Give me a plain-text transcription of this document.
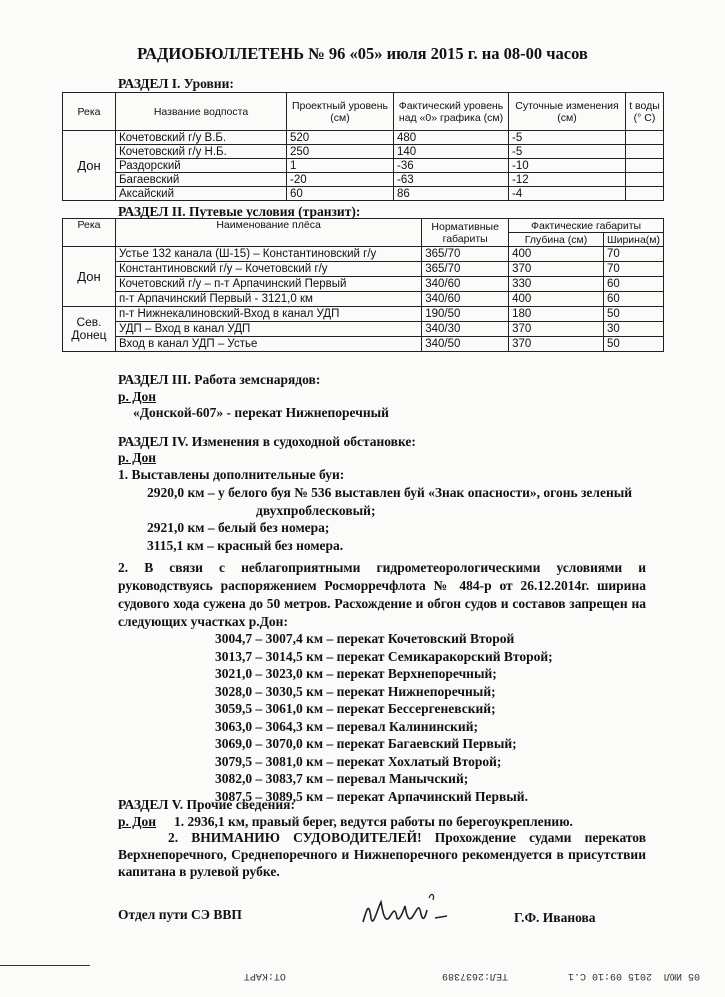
РАДИОБЮЛЛЕТЕНЬ № 96 «05» июля 2015 г. на 08-00 часов
РАЗДЕЛ I. Уровни:
Река	Название водпоста	Проектный уровень (см)	Фактический уровень над «0» графика (см)	Суточные изменения (см)	t воды (° С)
Дон	Кочетовский г/у В.Б.	520	480	-5	
	Кочетовский г/у Н.Б.	250	140	-5	
	Раздорский	1	-36	-10	
	Багаевский	-20	-63	-12	
	Аксайский	60	86	-4	
РАЗДЕЛ II. Путевые условия (транзит):
Река	Наименование плёса	Нормативные габариты	Фактические габариты	
			Глубина (см)	Ширина(м)
Дон	Устье 132 канала (Ш-15) – Константиновский г/у	365/70	400	70
	Константиновский г/у – Кочетовский г/у	365/70	370	70
	Кочетовский г/у – п-т Арпачинский Первый	340/60	330	60
	п-т Арпачинский Первый - 3121,0 км	340/60	400	60
Сев. Донец	п-т Нижнекалиновский-Вход в канал УДП	190/50	180	50
	УДП – Вход в канал УДП	340/30	370	30
	Вход в канал УДП – Устье	340/50	370	50
РАЗДЕЛ III. Работа земснарядов:
р. Дон
«Донской-607» - перекат Нижнепоречный
РАЗДЕЛ IV. Изменения в судоходной обстановке:
р. Дон
1. Выставлены дополнительные буи:
2920,0 км – у белого буя № 536 выставлен буй «Знак опасности», огонь зеленый
двухпроблесковый;
2921,0 км – белый без номера;
3115,1 км – красный без номера.
2. В связи с неблагоприятными гидрометеорологическими условиями и руководствуясь распоряжением Росморречфлота № 484-р от 26.12.2014г. ширина судового хода сужена до 50 метров. Расхождение и обгон судов и составов запрещен на следующих участках р.Дон:
3004,7 – 3007,4 км – перекат Кочетовский Второй
3013,7 – 3014,5 км – перекат Семикаракорский Второй;
3021,0 – 3023,0 км – перекат Верхнепоречный;
3028,0 – 3030,5 км – перекат Нижнепоречный;
3059,5 – 3061,0 км – перекат Бессергеневский;
3063,0 – 3064,3 км – перевал Калининский;
3069,0 – 3070,0 км – перекат Багаевский Первый;
3079,5 – 3081,0 км – перекат Хохлатый Второй;
3082,0 – 3083,7 км – перевал Манычский;
3087,5 – 3089,5 км – перекат Арпачинский Первый.
РАЗДЕЛ V. Прочие сведения:
р. Дон 1. 2936,1 км, правый берег, ведутся работы по берегоукреплению.
2. ВНИМАНИЮ СУДОВОДИТЕЛЕЙ! Прохождение судами перекатов Верхнепоречного, Среднепоречного и Нижнепоречного рекомендуется в присутствии капитана в рулевой рубке.
Отдел пути СЭ ВВП	Г.Ф. Иванова
05 ИЮЛ  2015 09:10 С.1          ТЕЛ:2637389                          ОТ:КАРТ
